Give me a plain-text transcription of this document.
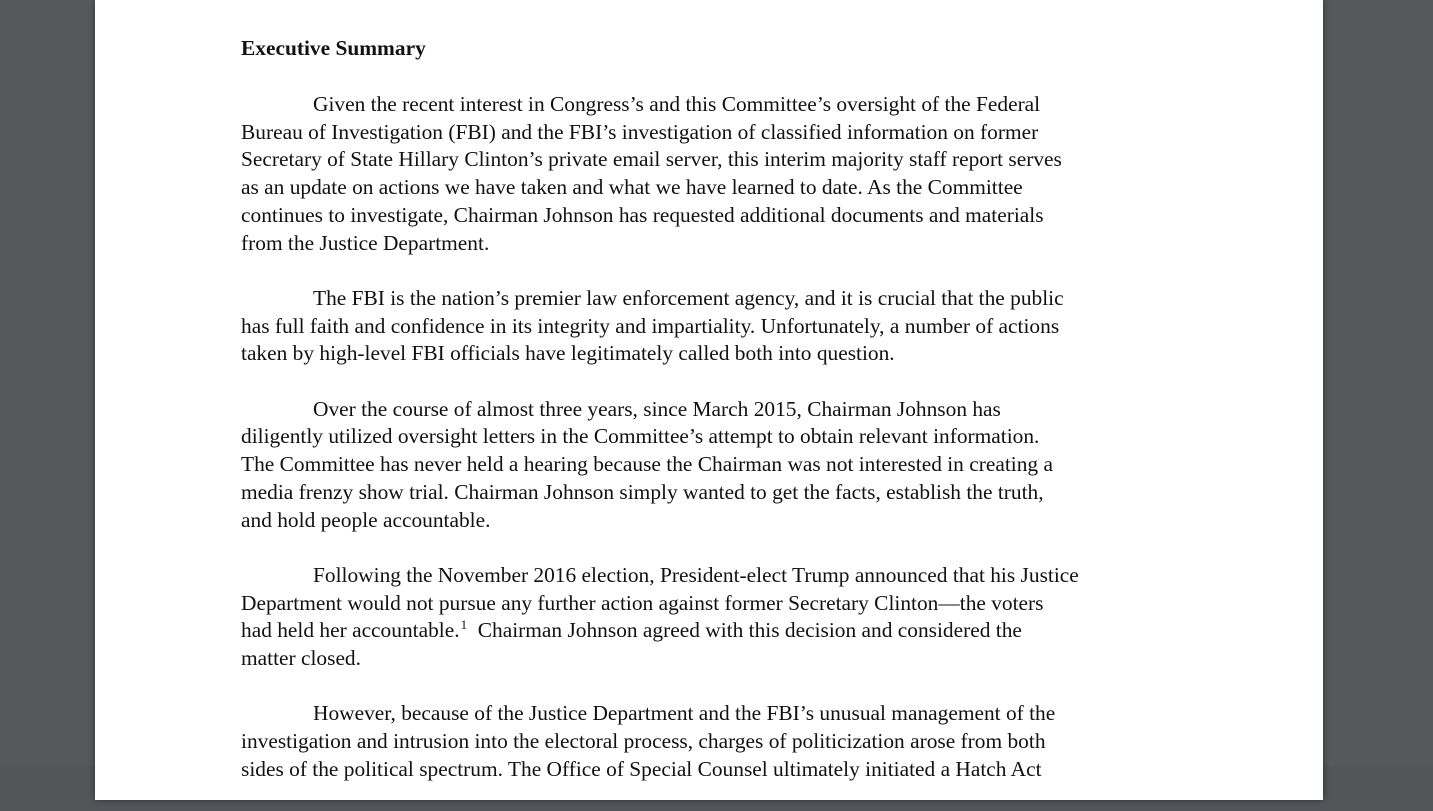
Executive Summary
Given the recent interest in Congress’s and this Committee’s oversight of the Federal
Bureau of Investigation (FBI) and the FBI’s investigation of classified information on former
Secretary of State Hillary Clinton’s private email server, this interim majority staff report serves
as an update on actions we have taken and what we have learned to date. As the Committee
continues to investigate, Chairman Johnson has requested additional documents and materials
from the Justice Department.
The FBI is the nation’s premier law enforcement agency, and it is crucial that the public
has full faith and confidence in its integrity and impartiality. Unfortunately, a number of actions
taken by high-level FBI officials have legitimately called both into question.
Over the course of almost three years, since March 2015, Chairman Johnson has
diligently utilized oversight letters in the Committee’s attempt to obtain relevant information.
The Committee has never held a hearing because the Chairman was not interested in creating a
media frenzy show trial. Chairman Johnson simply wanted to get the facts, establish the truth,
and hold people accountable.
Following the November 2016 election, President-elect Trump announced that his Justice
Department would not pursue any further action against former Secretary Clinton—the voters
had held her accountable.$^1$  Chairman Johnson agreed with this decision and considered the
matter closed.
However, because of the Justice Department and the FBI’s unusual management of the
investigation and intrusion into the electoral process, charges of politicization arose from both
sides of the political spectrum. The Office of Special Counsel ultimately initiated a Hatch Act
